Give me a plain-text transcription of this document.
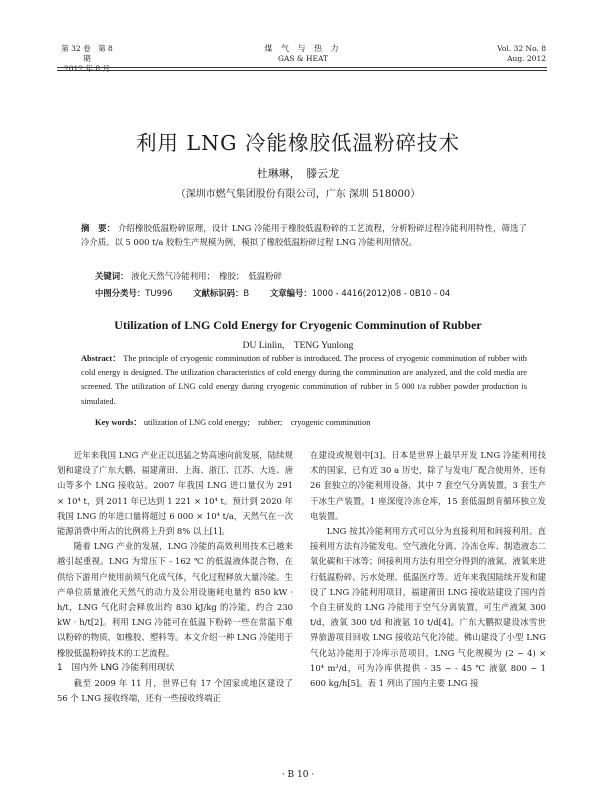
第 32 卷　第 8 期
2012 年 8 月
煤 气 与 热 力
GAS & HEAT
Vol. 32 No. 8
Aug. 2012
利用 LNG 冷能橡胶低温粉碎技术
杜琳琳，　滕云龙
（深圳市燃气集团股份有限公司，广东 深圳 518000）
摘　要： 介绍橡胶低温粉碎原理，设计 LNG 冷能用于橡胶低温粉碎的工艺流程，分析粉碎过程冷能利用特性，筛选了冷介质。以 5 000 t/a 胶粉生产规模为例，模拟了橡胶低温粉碎过程 LNG 冷能利用情况。
关键词： 液化天然气冷能利用；　橡胶；　低温粉碎
中图分类号：TU996 文献标识码：B 文章编号：1000 - 4416(2012)08 - 0B10 - 04
Utilization of LNG Cold Energy for Cryogenic Comminution of Rubber
DU Linlin,　TENG Yunlong
Abstract： The principle of cryogenic comminution of rubber is introduced. The process of cryogenic comminution of rubber with cold energy is designed. The utilization characteristics of cold energy during the comminution are analyzed, and the cold media are screened. The utilization of LNG cold energy during cryogenic comminution of rubber in 5 000 t/a rubber powder production is simulated.
Key words： utilization of LNG cold energy;　rubber;　cryogenic comminution

近年来我国 LNG 产业正以迅猛之势高速向前发展，陆续规划和建设了广东大鹏、福建莆田、上海、浙江、江苏、大连、唐山等多个 LNG 接收站。2007 年我国 LNG 进口量仅为 291 × 10⁴ t，到 2011 年已达到 1 221 × 10⁴ t。预计到 2020 年我国 LNG 的年进口量将超过 6 000 × 10⁴ t/a，天然气在一次能源消费中所占的比例将上升到 8% 以上[1]。

随着 LNG 产业的发展，LNG 冷能的高效利用技术已越来越引起重视。LNG 为常压下 - 162 ℃ 的低温液体混合物，在供给下游用户使用前须气化成气体，气化过程释放大量冷能。生产单位质量液化天然气的动力及公用设施耗电量约 850 kW · h/t，LNG 气化时会释放出约 830 kJ/kg 的冷能，约合 230 kW · h/t[2]。利用 LNG 冷能可在低温下粉碎一些在常温下难以粉碎的物质，如橡胶、塑料等。本文介绍一种 LNG 冷能用于橡胶低温粉碎技术的工艺流程。

1　国内外 LNG 冷能利用现状

截至 2009 年 11 月，世界已有 17 个国家或地区建设了 56 个 LNG 接收终端，还有一些接收终端正

在建设或规划中[3]。日本是世界上最早开发 LNG 冷能利用技术的国家，已有近 30 a 历史，除了与发电厂配合使用外，还有 26 套独立的冷能利用设备，其中 7 套空气分离装置，3 套生产干冰生产装置，1 座深度冷冻仓库，15 套低温朗肯循环独立发电装置。

LNG 按其冷能利用方式可以分为直接利用和间接利用。直接利用方法有冷能发电、空气液化分离、冷冻仓库、制造液态二氧化碳和干冰等；间接利用方法有用空分得到的液氮、液氧来进行低温粉碎、污水处理、低温医疗等。近年来我国陆续开发和建设了 LNG 冷能利用项目，福建莆田 LNG 接收站建设了国内首个自主研发的 LNG 冷能用于空气分离装置，可生产液氮 300 t/d，液氧 300 t/d 和液氩 10 t/d[4]。广东大鹏拟建设冰雪世界旅游项目回收 LNG 接收站气化冷能。佛山建设了小型 LNG 气化站冷能用于冷库示范项目，LNG 气化规模为 (2 ~ 4) × 10⁴ m³/d，可为冷库供提供 - 35 ~ - 45 ℃ 液氨 800 ~ 1 600 kg/h[5]。表 1 列出了国内主要 LNG 接

· B 10 ·
